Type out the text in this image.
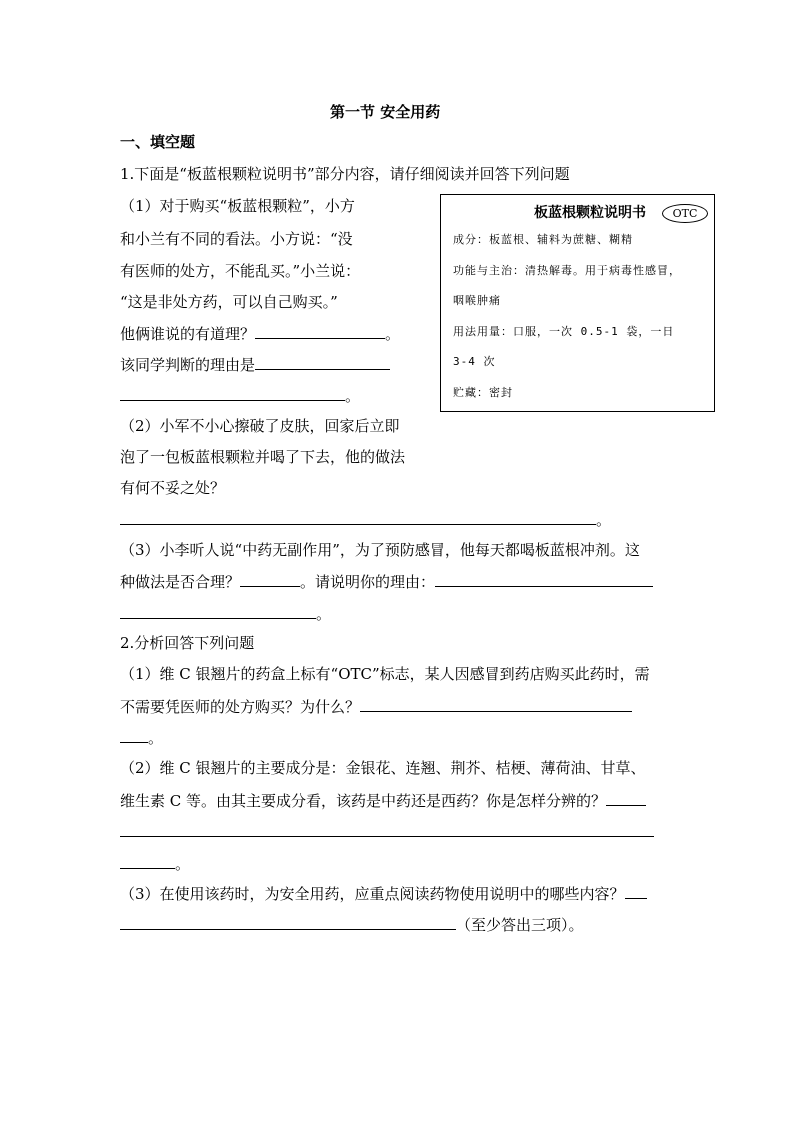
第一节 安全用药
一、填空题
1.下面是“板蓝根颗粒说明书”部分内容，请仔细阅读并回答下列问题
（1）对于购买“板蓝根颗粒”，小方
和小兰有不同的看法。小方说：“没
有医师的处方，不能乱买。”小兰说：
“这是非处方药，可以自己购买。”
他俩谁说的有道理？	。
该同学判断的理由是
。
（2）小军不小心擦破了皮肤，回家后立即
泡了一包板蓝根颗粒并喝了下去，他的做法
有何不妥之处？
。
（3）小李听人说“中药无副作用”，为了预防感冒，他每天都喝板蓝根冲剂。这
种做法是否合理？	。请说明你的理由：
。
板蓝根颗粒说明书	OTC
成分：板蓝根、辅料为蔗糖、糊精
功能与主治：清热解毒。用于病毒性感冒，
咽喉肿痛
用法用量：口服，一次 0.5-1 袋，一日
3-4 次
贮藏：密封
2.分析回答下列问题
（1）维 C 银翘片的药盒上标有“OTC”标志，某人因感冒到药店购买此药时，需
不需要凭医师的处方购买？为什么？
。
（2）维 C 银翘片的主要成分是：金银花、连翘、荆芥、桔梗、薄荷油、甘草、
维生素 C 等。由其主要成分看，该药是中药还是西药？你是怎样分辨的？
。
（3）在使用该药时，为安全用药，应重点阅读药物使用说明中的哪些内容？
（至少答出三项）。
